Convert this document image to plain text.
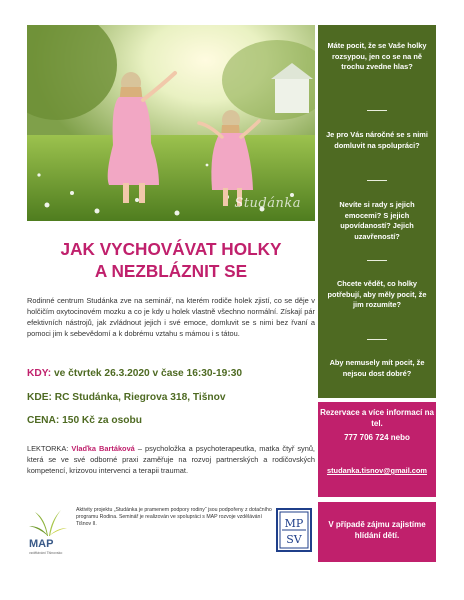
Studánka
Máte pocit, že se Vaše holky rozsypou, jen co se na ně trochu zvedne hlas?
Je pro Vás náročné se s nimi domluvit na spolupráci?
Nevíte si rady s jejich emocemi? S jejich upovídaností? Jejich uzavřeností?
Chcete vědět, co holky potřebují, aby měly pocit, že jim rozumíte?
Aby nemusely mít pocit, že nejsou dost dobré?
Rezervace a více informací na tel.
777 706 724 nebo
studanka.tisnov@gmail.com
V případě zájmu zajistíme hlídání dětí.
JAK VYCHOVÁVAT HOLKY
A NEZBLÁZNIT SE
Rodinné centrum Studánka zve na seminář, na kterém rodiče holek zjistí, co se děje v holčičím oxytocinovém mozku a co je kdy u holek vlastně všechno normální. Získají pár efektivních nástrojů, jak zvládnout jejich i své emoce, domluvit se s nimi bez řvaní a pomoci jim k sebevědomí a k dobrému vztahu s mámou i s tátou.
KDY: ve čtvrtek 26.3.2020 v čase 16:30-19:30
KDE: RC Studánka, Riegrova 318, Tišnov
CENA: 150 Kč za osobu
LEKTORKA: Vlaďka Bartáková – psycholožka a psychoterapeutka, matka čtyř synů, která se ve své odborné praxi zaměřuje na rozvoj partnerských a rodičovských kompetencí, krizovou intervenci a terapii traumat.
MAP
vzdělávání Tišnovsko
Aktivity projektu „Studánka je pramenem podpory rodiny“ jsou podpořeny z dotačního programu Rodina. Seminář je realizován ve spolupráci s MAP rozvoje vzdělávání Tišnov II.	MP
SV
